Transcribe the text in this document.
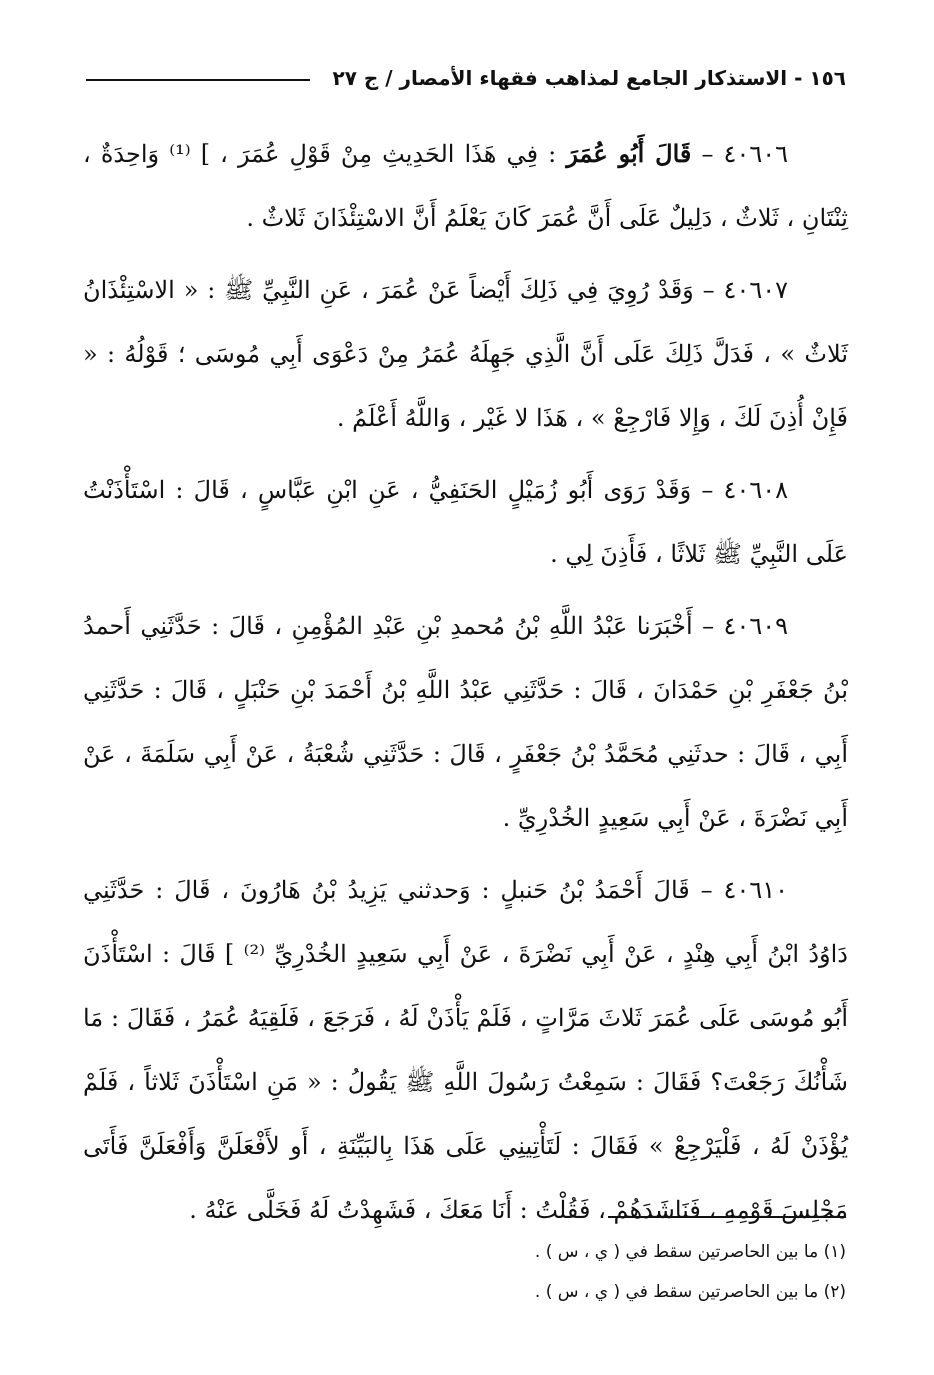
١٥٦ - الاستذكار الجامع لمذاهب فقهاء الأمصار / ج ٢٧

٤٠٦٠٦ – قَالَ أَبُو عُمَرَ : فِي هَذَا الحَدِيثِ مِنْ قَوْلِ عُمَرَ ، ] ⁽¹⁾ وَاحِدَةٌ ، ثِنْتَانِ ، ثَلاثٌ ، دَلِيلٌ عَلَى أَنَّ عُمَرَ كَانَ يَعْلَمُ أَنَّ الاسْتِئْذَانَ ثَلاثٌ .

٤٠٦٠٧ – وَقَدْ رُوِيَ فِي ذَلِكَ أَيْضاً عَنْ عُمَرَ ، عَنِ النَّبِيِّ ﷺ : « الاسْتِئْذَانُ ثَلاثٌ » ، فَدَلَّ ذَلِكَ عَلَى أَنَّ الَّذِي جَهِلَهُ عُمَرُ مِنْ دَعْوَى أَبِي مُوسَى ؛ قَوْلُهُ : « فَإِنْ أُذِنَ لَكَ ، وَإِلا فَارْجِعْ » ، هَذَا لا غَيْر ، وَاللَّهُ أَعْلَمُ .

٤٠٦٠٨ – وَقَدْ رَوَى أَبُو زُمَيْلٍ الحَنَفِيُّ ، عَنِ ابْنِ عَبَّاسٍ ، قَالَ : اسْتَأْذَنْتُ عَلَى النَّبِيِّ ﷺ ثَلاثًا ، فَأَذِنَ لِي .

٤٠٦٠٩ – أَخْبَرَنا عَبْدُ اللَّهِ بْنُ مُحمدِ بْنِ عَبْدِ المُؤْمِنِ ، قَالَ : حَدَّثَنِي أَحمدُ بْنُ جَعْفَرِ بْنِ حَمْدَانَ ، قَالَ : حَدَّثَنِي عَبْدُ اللَّهِ بْنُ أَحْمَدَ بْنِ حَنْبَلٍ ، قَالَ : حَدَّثَنِي أَبِي ، قَالَ : حدثَنِي مُحَمَّدُ بْنُ جَعْفَرٍ ، قَالَ : حَدَّثَنِي شُعْبَةُ ، عَنْ أَبِي سَلَمَةَ ، عَنْ أَبِي نَضْرَةَ ، عَنْ أَبِي سَعِيدٍ الخُدْرِيِّ .

٤٠٦١٠ – قَالَ أَحْمَدُ بْنُ حَنبلٍ : وَحدثني يَزِيدُ بْنُ هَارُونَ ، قَالَ : حَدَّثَنِي دَاوُدُ ابْنُ أَبِي هِنْدٍ ، عَنْ أَبِي نَضْرَةَ ، عَنْ أَبِي سَعِيدٍ الخُدْرِيِّ ⁽²⁾ ] قَالَ : اسْتَأْذَنَ أَبُو مُوسَى عَلَى عُمَرَ ثَلاثَ مَرَّاتٍ ، فَلَمْ يَأْذَنْ لَهُ ، فَرَجَعَ ، فَلَقِيَهُ عُمَرُ ، فَقَالَ : مَا شَأْنُكَ رَجَعْتَ؟ فَقَالَ : سَمِعْتُ رَسُولَ اللَّهِ ﷺ يَقُولُ : « مَنِ اسْتَأْذَنَ ثَلاثاً ، فَلَمْ يُؤْذَنْ لَهُ ، فَلْيَرْجِعْ » فَقَالَ : لَتَأْتِينِي عَلَى هَذَا بِالبَيِّنَةِ ، أَو لأَفْعَلَنَّ وَأَفْعَلَنَّ فَأَتَى مَجْلِسَ قَوْمِهِ ، فَنَاشَدَهُمْ ، فَقُلْتُ : أَنَا مَعَكَ ، فَشَهِدْتُ لَهُ فَخَلَّى عَنْهُ .

(١) ما بين الحاصرتين سقط في ( ي ، س ) .
(٢) ما بين الحاصرتين سقط في ( ي ، س ) .
